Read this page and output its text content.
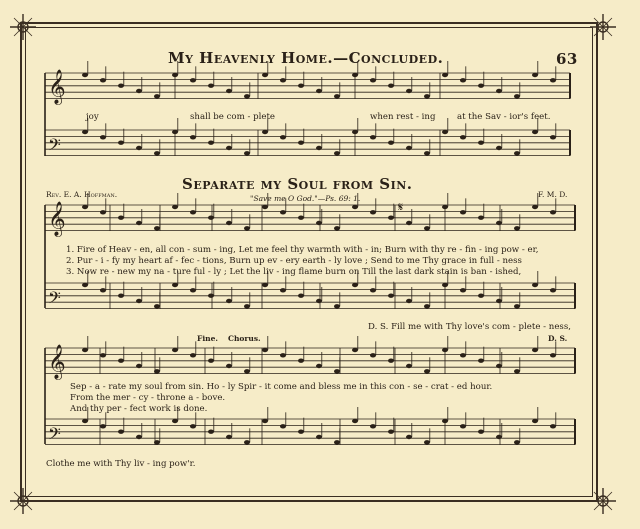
𝄞
𝄢
𝄞
𝄢
𝄞
𝄢
My Heavenly Home.—Concluded.	63
joy	shall be com - plete	when rest - ing	at the Sav - ior's feet.
Separate my Soul from Sin.
Rev. E. A. Hoffman.	F. M. D.
"Save me O God."—Ps. 69: 1.
𝄋
1. Fire of Heav - en, all con - sum - ing, Let me feel thy warmth with - in; Burn with thy re - fin - ing pow - er,
2. Pur - i - fy my heart af - fec - tions, Burn up ev - ery earth - ly love ; Send to me Thy grace in full - ness
3. Now re - new my na - ture ful - ly ; Let the liv - ing flame burn on Till the last dark stain is ban - ished,
D. S. Fill me with Thy love's com - plete - ness,
Fine. Chorus.	D. S.
Sep - a - rate my soul from sin. Ho - ly Spir - it come and bless me in this con - se - crat - ed hour.
From the mer - cy - throne a - bove.
And thy per - fect work is done.
Clothe me with Thy liv - ing pow'r.
